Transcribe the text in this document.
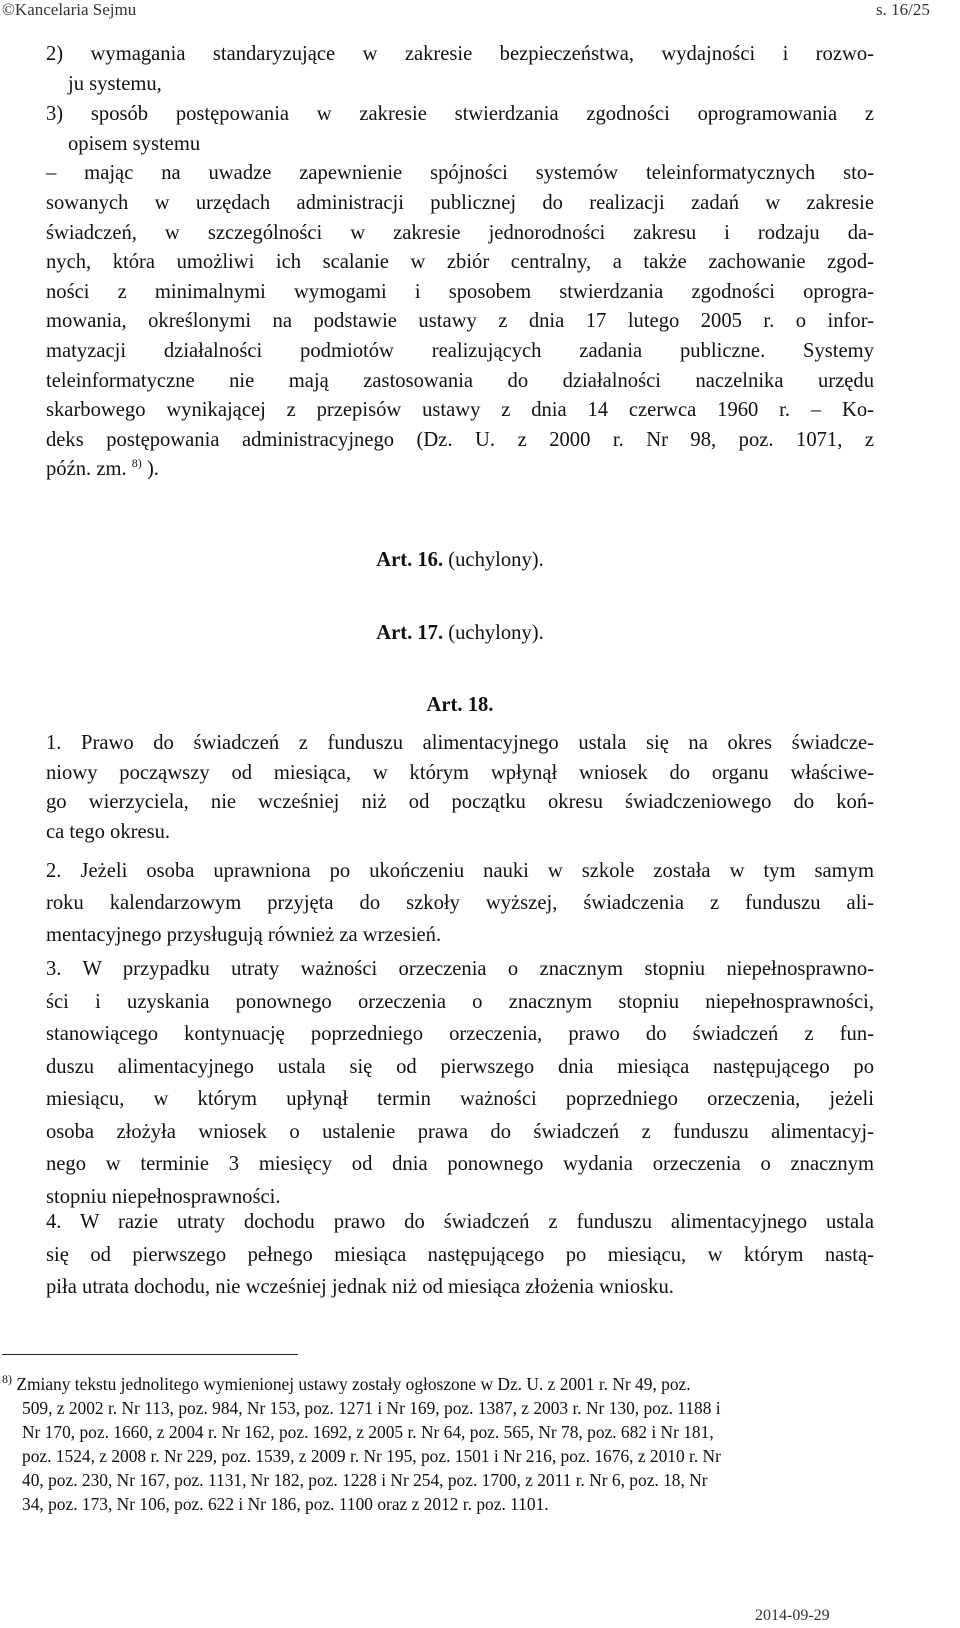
©Kancelaria Sejmu	s. 16/25
2) wymagania standaryzujące w zakresie bezpieczeństwa, wydajności i rozwo-
ju systemu,
3) sposób postępowania w zakresie stwierdzania zgodności oprogramowania z
opisem systemu
– mając na uwadze zapewnienie spójności systemów teleinformatycznych sto-
sowanych w urzędach administracji publicznej do realizacji zadań w zakresie
świadczeń, w szczególności w zakresie jednorodności zakresu i rodzaju da-
nych, która umożliwi ich scalanie w zbiór centralny, a także zachowanie zgod-
ności z minimalnymi wymogami i sposobem stwierdzania zgodności oprogra-
mowania, określonymi na podstawie ustawy z dnia 17 lutego 2005 r. o infor-
matyzacji działalności podmiotów realizujących zadania publiczne. Systemy
teleinformatyczne nie mają zastosowania do działalności naczelnika urzędu
skarbowego wynikającej z przepisów ustawy z dnia 14 czerwca 1960 r. – Ko-
deks postępowania administracyjnego (Dz. U. z 2000 r. Nr 98, poz. 1071, z
późn. zm. $^{8)}$ ).

Art. 16. (uchylony).

Art. 17. (uchylony).

Art. 18.

1. Prawo do świadczeń z funduszu alimentacyjnego ustala się na okres świadcze-
niowy począwszy od miesiąca, w którym wpłynął wniosek do organu właściwe-
go wierzyciela, nie wcześniej niż od początku okresu świadczeniowego do koń-
ca tego okresu.
2. Jeżeli osoba uprawniona po ukończeniu nauki w szkole została w tym samym
roku kalendarzowym przyjęta do szkoły wyższej, świadczenia z funduszu ali-
mentacyjnego przysługują również za wrzesień.
3. W przypadku utraty ważności orzeczenia o znacznym stopniu niepełnosprawno-
ści i uzyskania ponownego orzeczenia o znacznym stopniu niepełnosprawności,
stanowiącego kontynuację poprzedniego orzeczenia, prawo do świadczeń z fun-
duszu alimentacyjnego ustala się od pierwszego dnia miesiąca następującego po
miesiącu, w którym upłynął termin ważności poprzedniego orzeczenia, jeżeli
osoba złożyła wniosek o ustalenie prawa do świadczeń z funduszu alimentacyj-
nego w terminie 3 miesięcy od dnia ponownego wydania orzeczenia o znacznym
stopniu niepełnosprawności.
4. W razie utraty dochodu prawo do świadczeń z funduszu alimentacyjnego ustala
się od pierwszego pełnego miesiąca następującego po miesiącu, w którym nastą-
piła utrata dochodu, nie wcześniej jednak niż od miesiąca złożenia wniosku.
$^{8)}$ Zmiany tekstu jednolitego wymienionej ustawy zostały ogłoszone w Dz. U. z 2001 r. Nr 49, poz.
509, z 2002 r. Nr 113, poz. 984, Nr 153, poz. 1271 i Nr 169, poz. 1387, z 2003 r. Nr 130, poz. 1188 i
Nr 170, poz. 1660, z 2004 r. Nr 162, poz. 1692, z 2005 r. Nr 64, poz. 565, Nr 78, poz. 682 i Nr 181,
poz. 1524, z 2008 r. Nr 229, poz. 1539, z 2009 r. Nr 195, poz. 1501 i Nr 216, poz. 1676, z 2010 r. Nr
40, poz. 230, Nr 167, poz. 1131, Nr 182, poz. 1228 i Nr 254, poz. 1700, z 2011 r. Nr 6, poz. 18, Nr
34, poz. 173, Nr 106, poz. 622 i Nr 186, poz. 1100 oraz z 2012 r. poz. 1101.
2014-09-29
